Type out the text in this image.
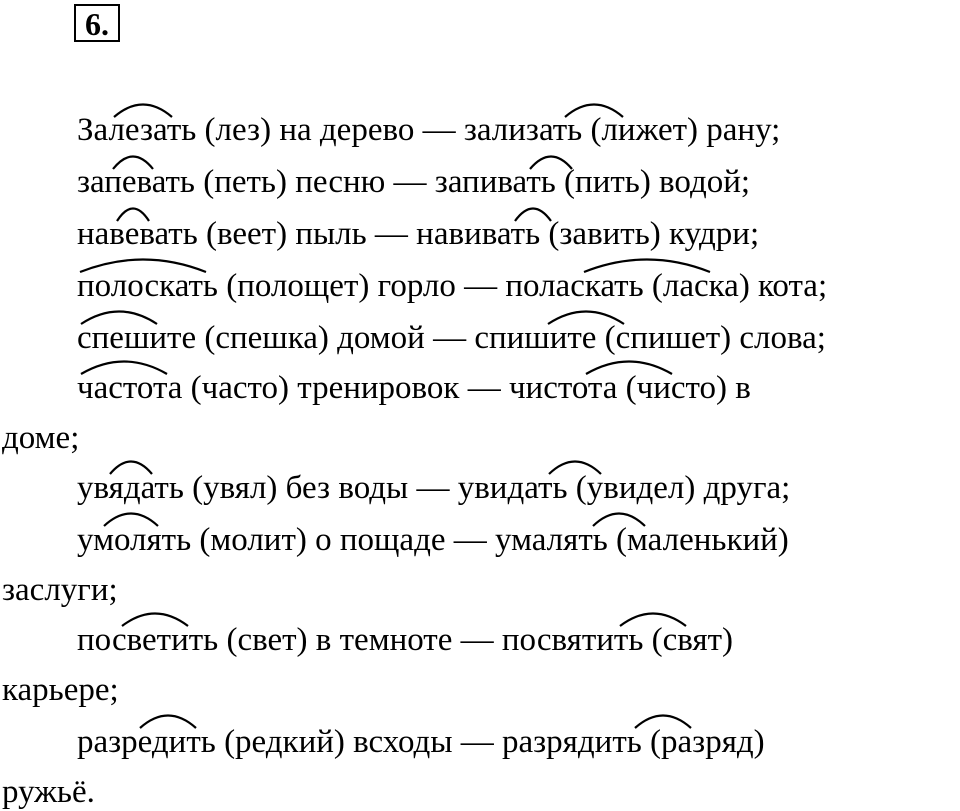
6.
Залезать (лез) на дерево — зализать (лижет) рану;
запевать (петь) песню — запивать (пить) водой;
навевать (веет) пыль — навивать (завить) кудри;
полоскать (полощет) горло — поласкать (ласка) кота;
спешите (спешка) домой — спишите (спишет) слова;
частота (часто) тренировок — чистота (чисто) в
доме;
увядать (увял) без воды — увидать (увидел) друга;
умолять (молит) о пощаде — умалять (маленький)
заслуги;
посветить (свет) в темноте — посвятить (свят)
карьере;
разредить (редкий) всходы — разрядить (разряд)
ружьё.
